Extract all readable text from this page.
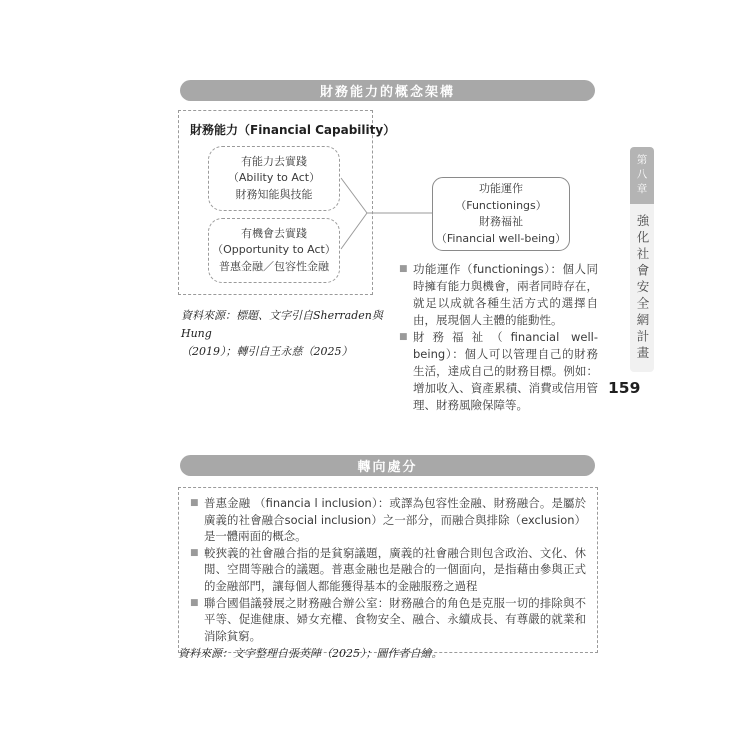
財務能力的概念架構
財務能力（Financial Capability）
有能力去實踐
（Ability to Act）
財務知能與技能
有機會去實踐
（Opportunity to Act）
普惠金融／包容性金融
功能運作
（Functionings）
財務福祉
（Financial well-being）
■ 功能運作（functionings）：個人同時擁有能力與機會，兩者同時存在，就足以成就各種生活方式的選擇自由，展現個人主體的能動性。
■ 財務福祉（financial well-being）：個人可以管理自己的財務生活，達成自己的財務目標。例如：增加收入、資產累積、消費或信用管理、財務風險保障等。
資料來源：標題、文字引自Sherraden與Hung
（2019）；轉引自王永慈（2025）
第八章
強化社會安全網計畫
159
轉向處分
■ 普惠金融 （financia l inclusion）：或譯為包容性金融、財務融合。是屬於廣義的社會融合social inclusion）之一部分，而融合與排除（exclusion）是一體兩面的概念。
■ 較狹義的社會融合指的是貧窮議題，廣義的社會融合則包含政治、文化、休閒、空間等融合的議題。普惠金融也是融合的一個面向，是指藉由參與正式的金融部門，讓每個人都能獲得基本的金融服務之過程
■ 聯合國倡議發展之財務融合辦公室：財務融合的角色是克服一切的排除與不平等、促進健康、婦女充權、食物安全、融合、永續成長、有尊嚴的就業和消除貧窮。
資料來源：文字整理自張英陣（2025）；圖作者自繪。
